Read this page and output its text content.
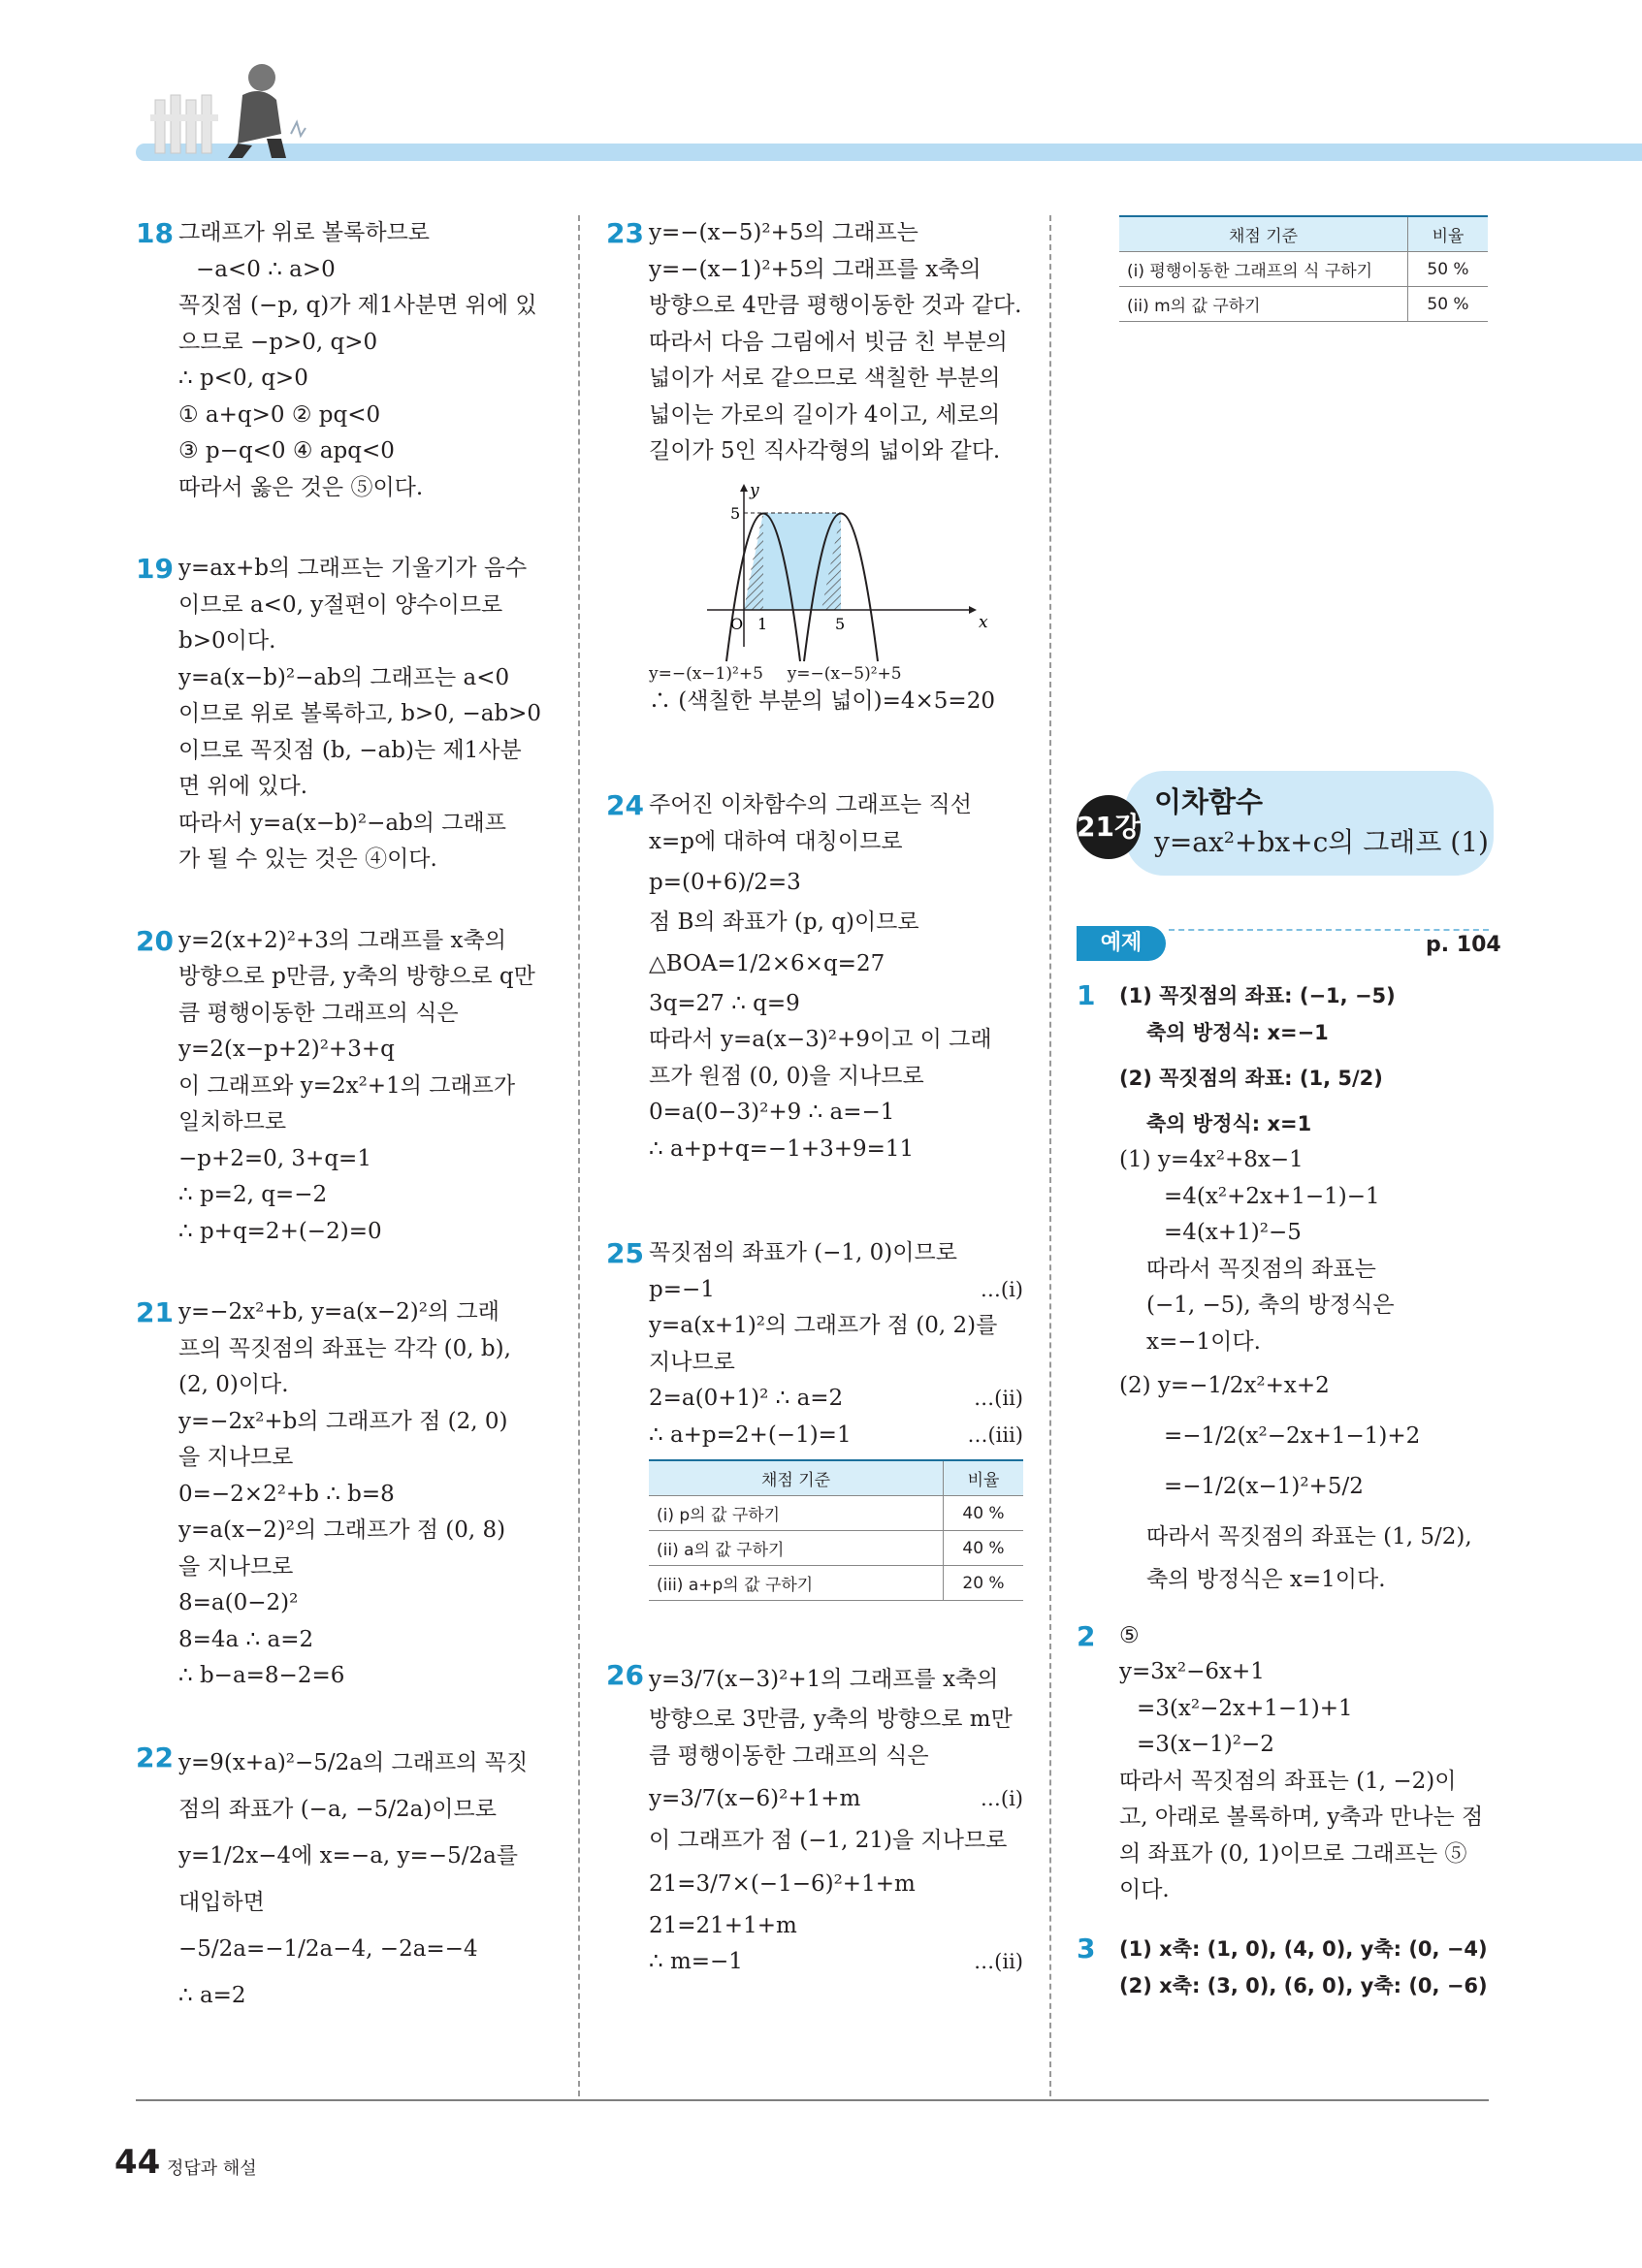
18 그래프가 위로 볼록하므로
−a<0 ∴ a>0
꼭짓점 (−p, q)가 제1사분면 위에 있
으므로 −p>0, q>0
∴ p<0, q>0
① a+q>0 ② pq<0
③ p−q<0 ④ apq<0
따라서 옳은 것은 ⑤이다.
19 y=ax+b의 그래프는 기울기가 음수
이므로 a<0, y절편이 양수이므로
b>0이다.
y=a(x−b)²−ab의 그래프는 a<0
이므로 위로 볼록하고, b>0, −ab>0
이므로 꼭짓점 (b, −ab)는 제1사분
면 위에 있다.
따라서 y=a(x−b)²−ab의 그래프
가 될 수 있는 것은 ④이다.
20 y=2(x+2)²+3의 그래프를 x축의
방향으로 p만큼, y축의 방향으로 q만
큼 평행이동한 그래프의 식은
y=2(x−p+2)²+3+q
이 그래프와 y=2x²+1의 그래프가
일치하므로
−p+2=0, 3+q=1
∴ p=2, q=−2
∴ p+q=2+(−2)=0
21 y=−2x²+b, y=a(x−2)²의 그래
프의 꼭짓점의 좌표는 각각 (0, b),
(2, 0)이다.
y=−2x²+b의 그래프가 점 (2, 0)
을 지나므로
0=−2×2²+b ∴ b=8
y=a(x−2)²의 그래프가 점 (0, 8)
을 지나므로
8=a(0−2)²
8=4a ∴ a=2
∴ b−a=8−2=6
22 y=9(x+a)²−5/2a의 그래프의 꼭짓
점의 좌표가 (−a, −5/2a)이므로
y=1/2x−4에 x=−a, y=−5/2a를
대입하면
−5/2a=−1/2a−4, −2a=−4
∴ a=2
23 y=−(x−5)²+5의 그래프는
y=−(x−1)²+5의 그래프를 x축의
방향으로 4만큼 평행이동한 것과 같다.
따라서 다음 그림에서 빗금 친 부분의
넓이가 서로 같으므로 색칠한 부분의
넓이는 가로의 길이가 4이고, 세로의
길이가 5인 직사각형의 넓이와 같다.
y
x
O
5
1	5
y=−(x−1)²+5 y=−(x−5)²+5
∴ (색칠한 부분의 넓이)=4×5=20
24 주어진 이차함수의 그래프는 직선
x=p에 대하여 대칭이므로
p=(0+6)/2=3
점 B의 좌표가 (p, q)이므로
△BOA=1/2×6×q=27
3q=27 ∴ q=9
따라서 y=a(x−3)²+9이고 이 그래
프가 원점 (0, 0)을 지나므로
0=a(0−3)²+9 ∴ a=−1
∴ a+p+q=−1+3+9=11
25 꼭짓점의 좌표가 (−1, 0)이므로
p=−1	…(i)
y=a(x+1)²의 그래프가 점 (0, 2)를
지나므로
2=a(0+1)² ∴ a=2	…(ii)
∴ a+p=2+(−1)=1	…(iii)
채점 기준	비율
(i) p의 값 구하기	40 %
(ii) a의 값 구하기	40 %
(iii) a+p의 값 구하기	20 %
26 y=3/7(x−3)²+1의 그래프를 x축의
방향으로 3만큼, y축의 방향으로 m만
큼 평행이동한 그래프의 식은
y=3/7(x−6)²+1+m	…(i)
이 그래프가 점 (−1, 21)을 지나므로
21=3/7×(−1−6)²+1+m
21=21+1+m
∴ m=−1	…(ii)
채점 기준	비율
(i) 평행이동한 그래프의 식 구하기	50 %
(ii) m의 값 구하기	50 %
21강
이차함수
y=ax²+bx+c의 그래프 (1)
예제	p. 104
1 (1) 꼭짓점의 좌표: (−1, −5)
축의 방정식: x=−1
(2) 꼭짓점의 좌표: (1, 5/2)
축의 방정식: x=1
(1) y=4x²+8x−1
=4(x²+2x+1−1)−1
=4(x+1)²−5
따라서 꼭짓점의 좌표는
(−1, −5), 축의 방정식은
x=−1이다.
(2) y=−1/2x²+x+2
=−1/2(x²−2x+1−1)+2
=−1/2(x−1)²+5/2
따라서 꼭짓점의 좌표는 (1, 5/2),
축의 방정식은 x=1이다.
2 ⑤
y=3x²−6x+1
=3(x²−2x+1−1)+1
=3(x−1)²−2
따라서 꼭짓점의 좌표는 (1, −2)이
고, 아래로 볼록하며, y축과 만나는 점
의 좌표가 (0, 1)이므로 그래프는 ⑤
이다.
3 (1) x축: (1, 0), (4, 0), y축: (0, −4)
(2) x축: (3, 0), (6, 0), y축: (0, −6)
44 정답과 해설
